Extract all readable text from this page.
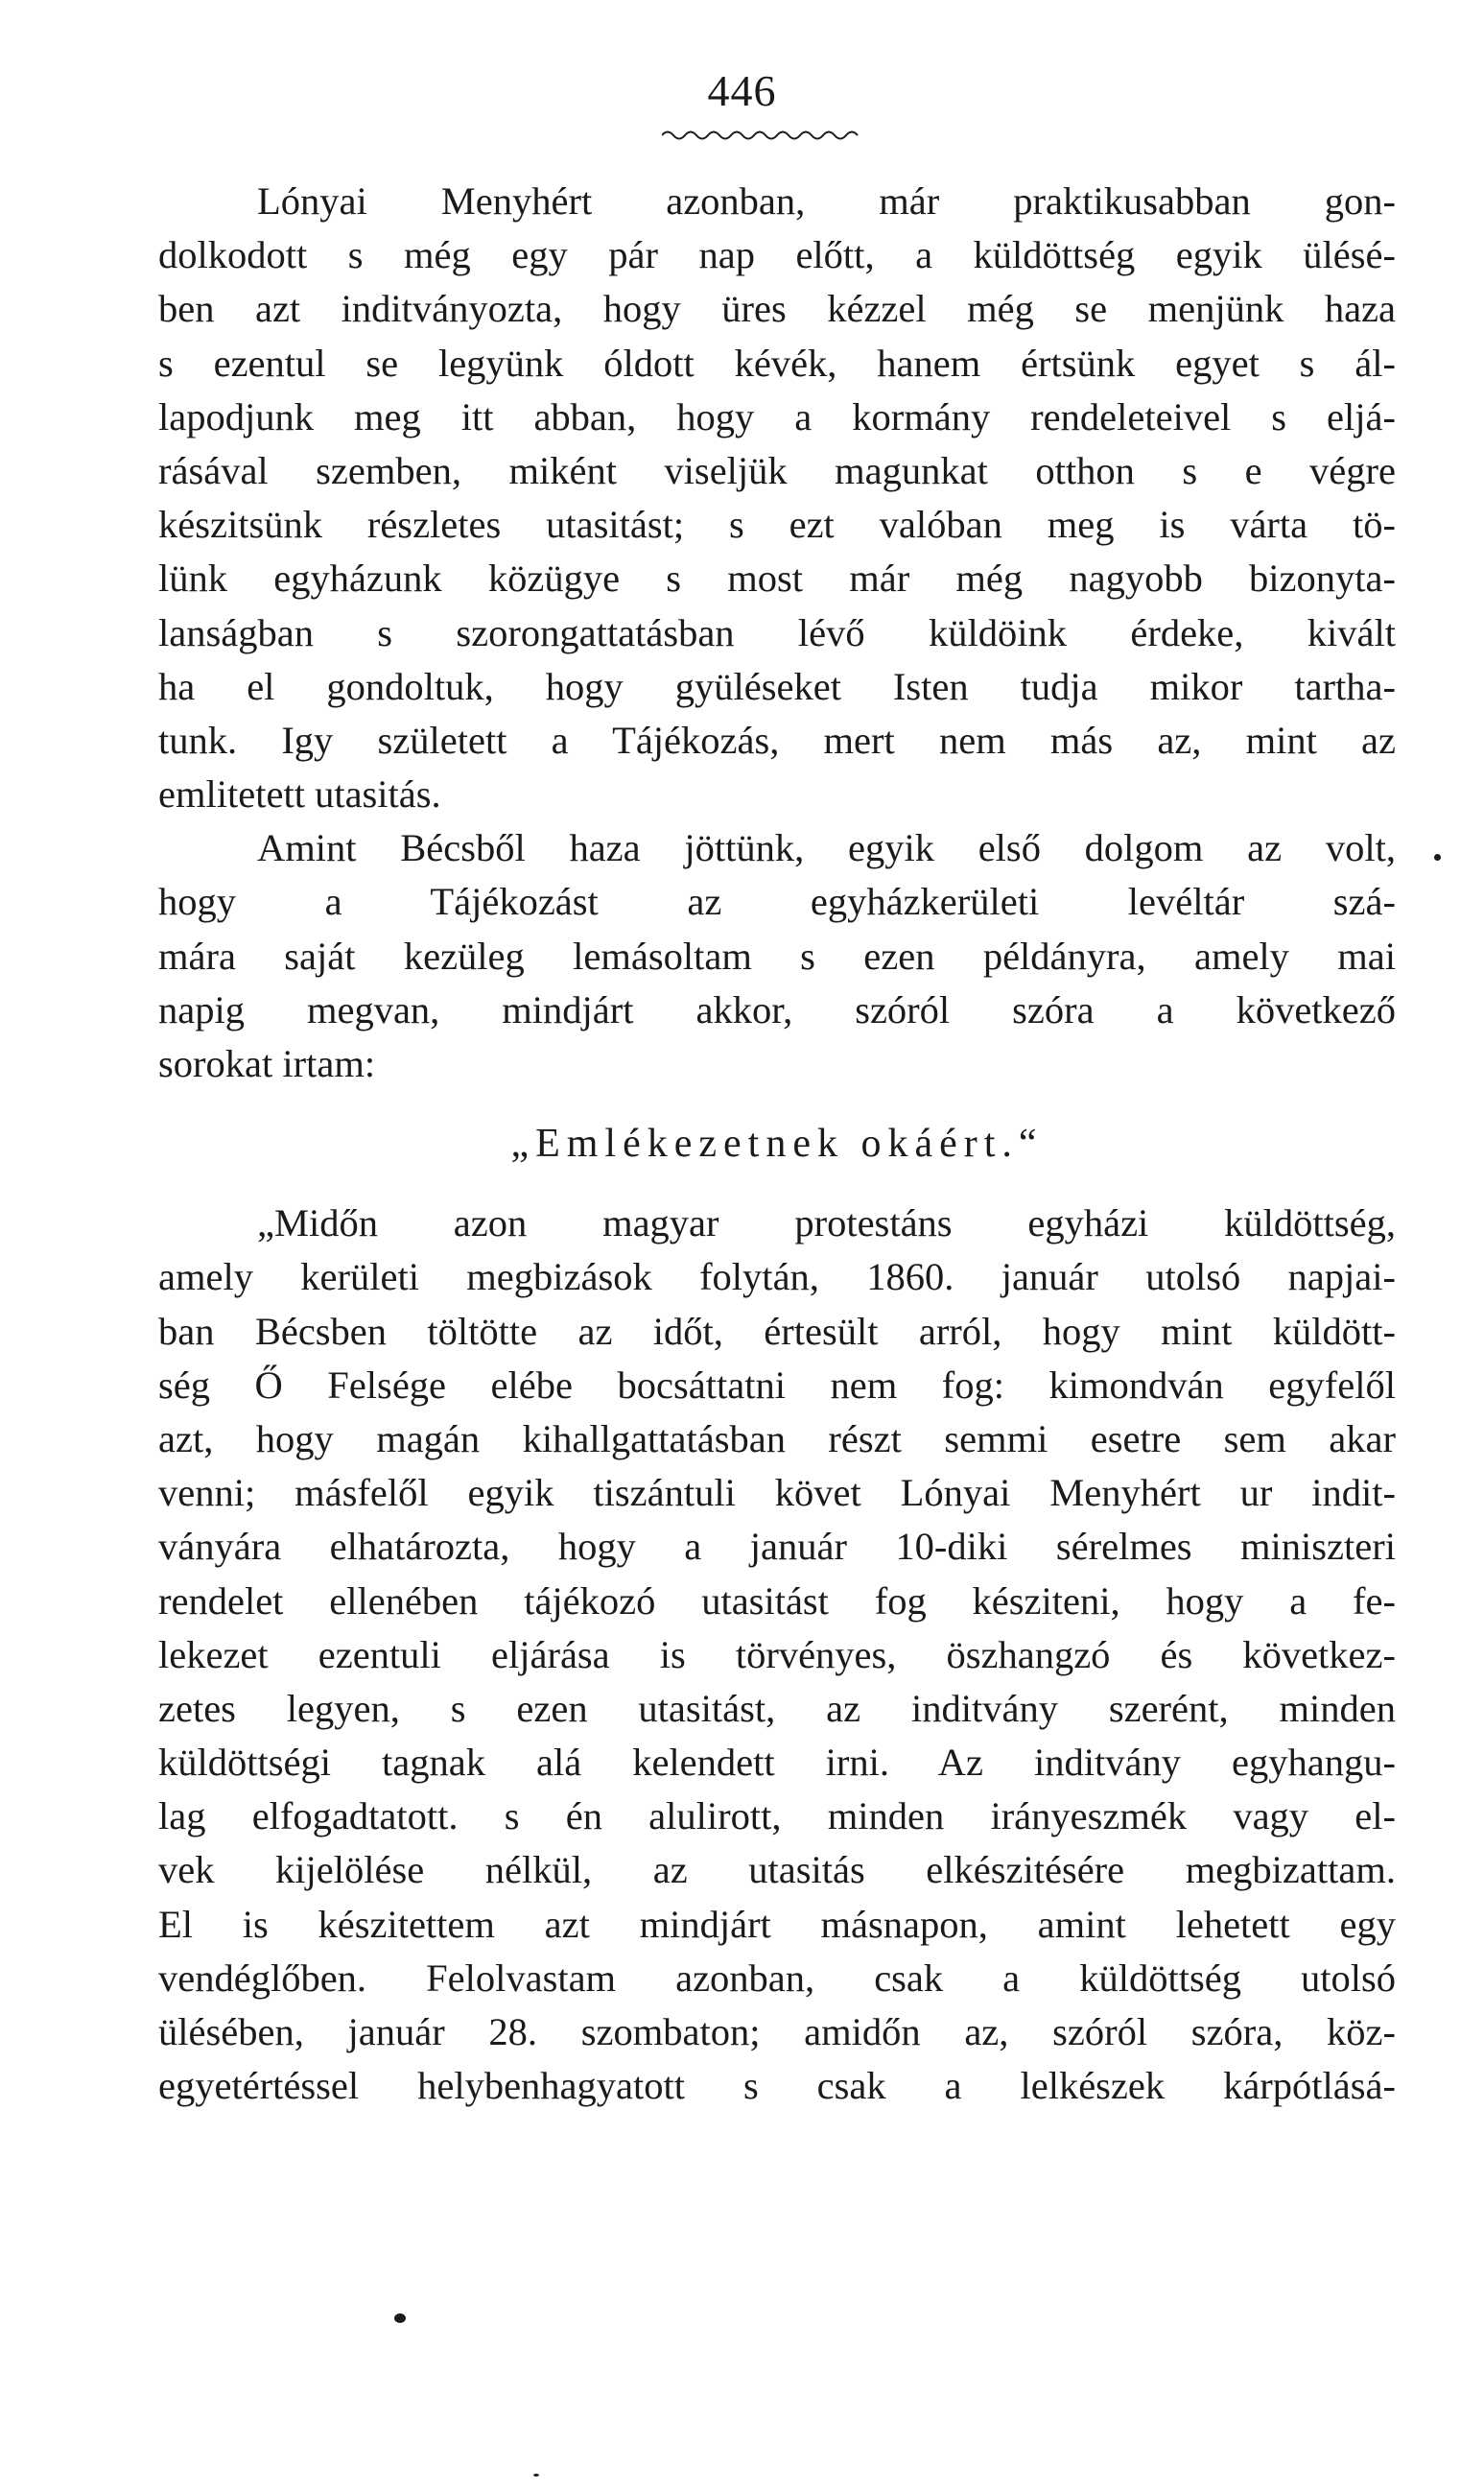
446
Lónyai Menyhért azonban, már praktikusabban gon-
dolkodott s még egy pár nap előtt, a küldöttség egyik ülésé-
ben azt inditványozta, hogy üres kézzel még se menjünk haza
s ezentul se legyünk óldott kévék, hanem értsünk egyet s ál-
lapodjunk meg itt abban, hogy a kormány rendeleteivel s eljá-
rásával szemben, miként viseljük magunkat otthon s e végre
készitsünk részletes utasitást; s ezt valóban meg is várta tö-
lünk egyházunk közügye s most már még nagyobb bizonyta-
lanságban s szorongattatásban lévő küldöink érdeke, kivált
ha el gondoltuk, hogy gyüléseket Isten tudja mikor tartha-
tunk. Igy született a Tájékozás, mert nem más az, mint az
emlitetett utasitás.
Amint Bécsből haza jöttünk, egyik első dolgom az volt,
hogy a Tájékozást az egyházkerületi levéltár szá-
mára saját kezüleg lemásoltam s ezen példányra, amely mai
napig megvan, mindjárt akkor, szóról szóra a következő
sorokat irtam:
„Emlékezetnek okáért.“
„Midőn azon magyar protestáns egyházi küldöttség,
amely kerületi megbizások folytán, 1860. január utolsó napjai-
ban Bécsben töltötte az időt, értesült arról, hogy mint küldött-
ség Ő Felsége elébe bocsáttatni nem fog: kimondván egyfelől
azt, hogy magán kihallgattatásban részt semmi esetre sem akar
venni; másfelől egyik tiszántuli követ Lónyai Menyhért ur indit-
ványára elhatározta, hogy a január 10-diki sérelmes miniszteri
rendelet ellenében tájékozó utasitást fog késziteni, hogy a fe-
lekezet ezentuli eljárása is törvényes, öszhangzó és következ-
zetes legyen, s ezen utasitást, az inditvány szerént, minden
küldöttségi tagnak alá kelendett irni. Az inditvány egyhangu-
lag elfogadtatott. s én alulirott, minden irányeszmék vagy el-
vek kijelölése nélkül, az utasitás elkészitésére megbizattam.
El is készitettem azt mindjárt másnapon, amint lehetett egy
vendéglőben. Felolvastam azonban, csak a küldöttség utolsó
ülésében, január 28. szombaton; amidőn az, szóról szóra, köz-
egyetértéssel helybenhagyatott s csak a lelkészek kárpótlásá-
